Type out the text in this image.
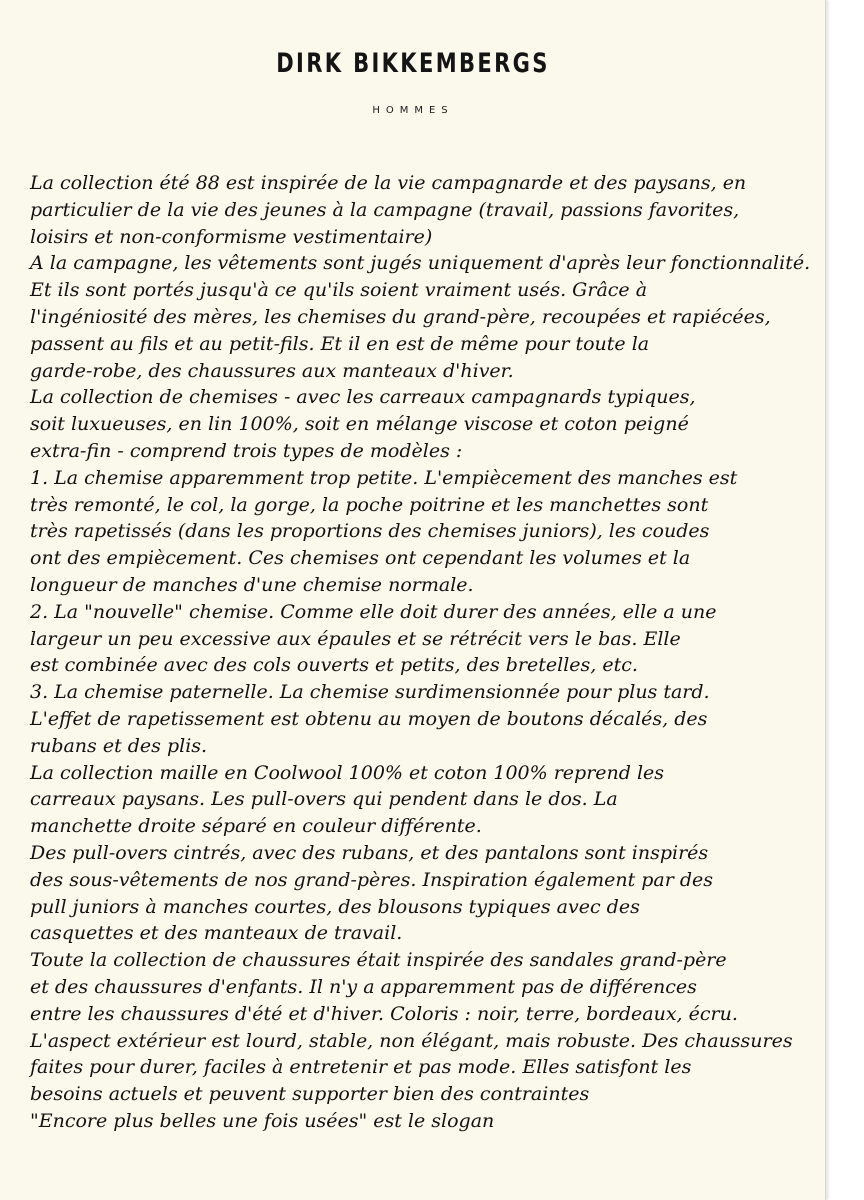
DIRK BIKKEMBERGS
HOMMES
La collection été 88 est inspirée de la vie campagnarde et des paysans, en
particulier de la vie des jeunes à la campagne (travail, passions favorites,
loisirs et non-conformisme vestimentaire)
A la campagne, les vêtements sont jugés uniquement d'après leur fonctionnalité.
Et ils sont portés jusqu'à ce qu'ils soient vraiment usés. Grâce à
l'ingéniosité des mères, les chemises du grand-père, recoupées et rapiécées,
passent au fils et au petit-fils. Et il en est de même pour toute la
garde-robe, des chaussures aux manteaux d'hiver.
La collection de chemises - avec les carreaux campagnards typiques,
soit luxueuses, en lin 100%, soit en mélange viscose et coton peigné
extra-fin - comprend trois types de modèles :
1. La chemise apparemment trop petite. L'empiècement des manches est
très remonté, le col, la gorge, la poche poitrine et les manchettes sont
très rapetissés (dans les proportions des chemises juniors), les coudes
ont des empiècement. Ces chemises ont cependant les volumes et la
longueur de manches d'une chemise normale.
2. La "nouvelle" chemise. Comme elle doit durer des années, elle a une
largeur un peu excessive aux épaules et se rétrécit vers le bas. Elle
est combinée avec des cols ouverts et petits, des bretelles, etc.
3. La chemise paternelle. La chemise surdimensionnée pour plus tard.
L'effet de rapetissement est obtenu au moyen de boutons décalés, des
rubans et des plis.
La collection maille en Coolwool 100% et coton 100% reprend les
carreaux paysans. Les pull-overs qui pendent dans le dos. La
manchette droite séparé en couleur différente.
Des pull-overs cintrés, avec des rubans, et des pantalons sont inspirés
des sous-vêtements de nos grand-pères. Inspiration également par des
pull juniors à manches courtes, des blousons typiques avec des
casquettes et des manteaux de travail.
Toute la collection de chaussures était inspirée des sandales grand-père
et des chaussures d'enfants. Il n'y a apparemment pas de différences
entre les chaussures d'été et d'hiver. Coloris : noir, terre, bordeaux, écru.
L'aspect extérieur est lourd, stable, non élégant, mais robuste. Des chaussures
faites pour durer, faciles à entretenir et pas mode. Elles satisfont les
besoins actuels et peuvent supporter bien des contraintes
"Encore plus belles une fois usées" est le slogan
